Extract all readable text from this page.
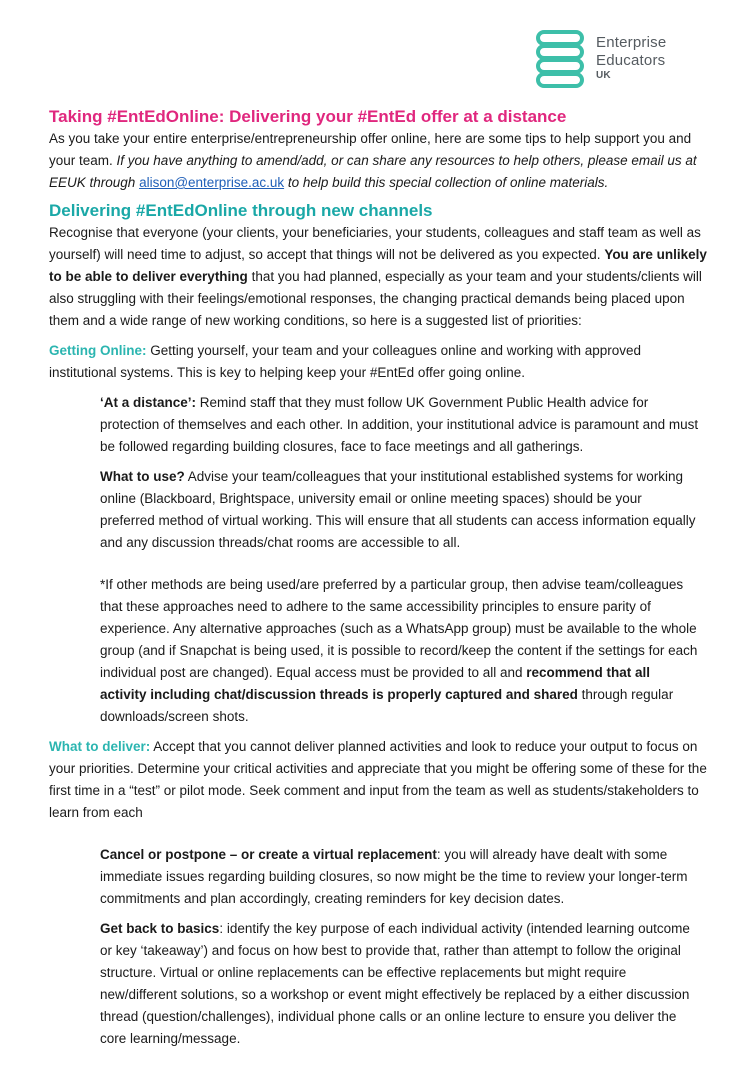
Enterprise
Educators
UK
Taking #EntEdOnline: Delivering your #EntEd offer at a distance

As you take your entire enterprise/entrepreneurship offer online, here are some tips to help support you and your team. If you have anything to amend/add, or can share any resources to help others, please email us at EEUK through alison@enterprise.ac.uk to help build this special collection of online materials.

Delivering #EntEdOnline through new channels

Recognise that everyone (your clients, your beneficiaries, your students, colleagues and staff team as well as yourself) will need time to adjust, so accept that things will not be delivered as you expected. You are unlikely to be able to deliver everything that you had planned, especially as your team and your students/clients will also struggling with their feelings/emotional responses, the changing practical demands being placed upon them and a wide range of new working conditions, so here is a suggested list of priorities:

Getting Online: Getting yourself, your team and your colleagues online and working with approved institutional systems. This is key to helping keep your #EntEd offer going online.

‘At a distance’: Remind staff that they must follow UK Government Public Health advice for protection of themselves and each other. In addition, your institutional advice is paramount and must be followed regarding building closures, face to face meetings and all gatherings.

What to use? Advise your team/colleagues that your institutional established systems for working online (Blackboard, Brightspace, university email or online meeting spaces) should be your preferred method of virtual working. This will ensure that all students can access information equally and any discussion threads/chat rooms are accessible to all.

*If other methods are being used/are preferred by a particular group, then advise team/colleagues that these approaches need to adhere to the same accessibility principles to ensure parity of experience. Any alternative approaches (such as a WhatsApp group) must be available to the whole group (and if Snapchat is being used, it is possible to record/keep the content if the settings for each individual post are changed). Equal access must be provided to all and recommend that all activity including chat/discussion threads is properly captured and shared through regular downloads/screen shots.

What to deliver: Accept that you cannot deliver planned activities and look to reduce your output to focus on your priorities. Determine your critical activities and appreciate that you might be offering some of these for the first time in a “test” or pilot mode. Seek comment and input from the team as well as students/stakeholders to learn from each

Cancel or postpone – or create a virtual replacement: you will already have dealt with some immediate issues regarding building closures, so now might be the time to review your longer-term commitments and plan accordingly, creating reminders for key decision dates.

Get back to basics: identify the key purpose of each individual activity (intended learning outcome or key ‘takeaway’) and focus on how best to provide that, rather than attempt to follow the original structure. Virtual or online replacements can be effective replacements but might require new/different solutions, so a workshop or event might effectively be replaced by a either discussion thread (question/challenges), individual phone calls or an online lecture to ensure you deliver the core learning/message.
